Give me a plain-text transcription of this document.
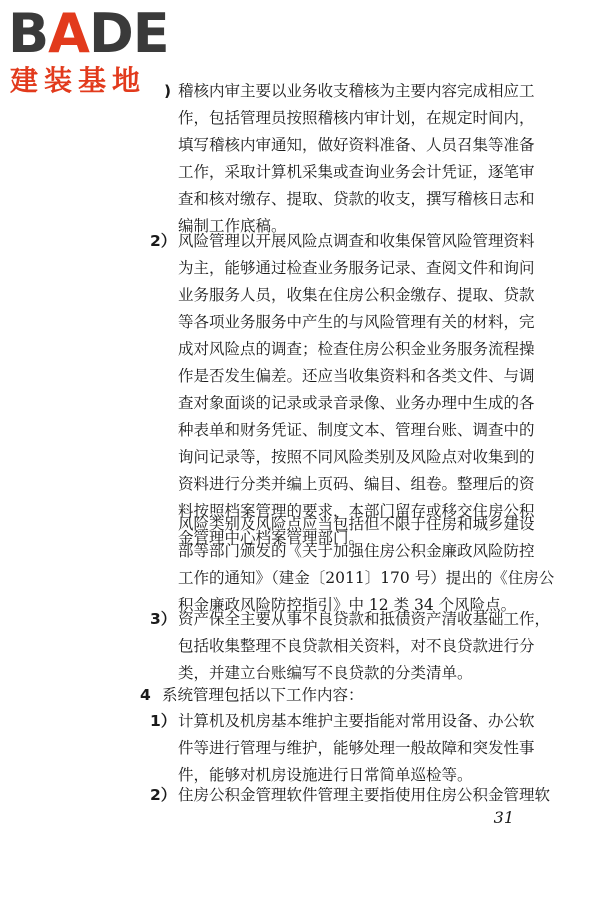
BADE
建装基地 ) 稽核内审主要以业务收支稽核为主要内容完成相应工
作，包括管理员按照稽核内审计划，在规定时间内，
填写稽核内审通知，做好资料准备、人员召集等准备
工作，采取计算机采集或查询业务会计凭证，逐笔审
查和核对缴存、提取、贷款的收支，撰写稽核日志和
编制工作底稿。
2） 风险管理以开展风险点调查和收集保管风险管理资料
为主，能够通过检查业务服务记录、查阅文件和询问
业务服务人员，收集在住房公积金缴存、提取、贷款
等各项业务服务中产生的与风险管理有关的材料，完
成对风险点的调查；检查住房公积金业务服务流程操
作是否发生偏差。还应当收集资料和各类文件、与调
查对象面谈的记录或录音录像、业务办理中生成的各
种表单和财务凭证、制度文本、管理台账、调查中的
询问记录等，按照不同风险类别及风险点对收集到的
资料进行分类并编上页码、编目、组卷。整理后的资
料按照档案管理的要求，本部门留存或移交住房公积
金管理中心档案管理部门。
风险类别及风险点应当包括但不限于住房和城乡建设
部等部门颁发的《关于加强住房公积金廉政风险防控
工作的通知》（建金〔2011〕170 号）提出的《住房公
积金廉政风险防控指引》中 12 类 34 个风险点。
3） 资产保全主要从事不良贷款和抵债资产清收基础工作，
包括收集整理不良贷款相关资料，对不良贷款进行分
类，并建立台账编写不良贷款的分类清单。
4 系统管理包括以下工作内容：
1） 计算机及机房基本维护主要指能对常用设备、办公软
件等进行管理与维护，能够处理一般故障和突发性事
件，能够对机房设施进行日常简单巡检等。
2） 住房公积金管理软件管理主要指使用住房公积金管理软
31
